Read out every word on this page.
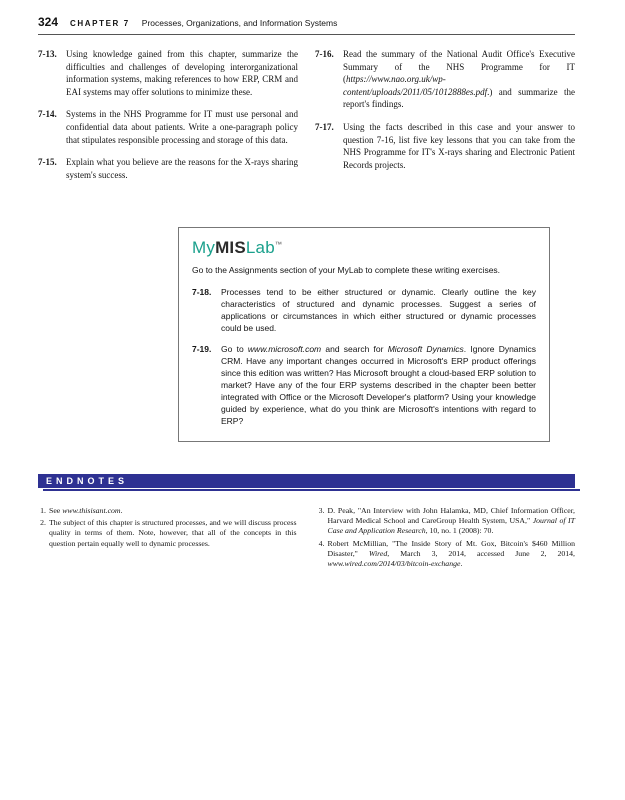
324 CHAPTER 7 Processes, Organizations, and Information Systems
7-13.	Using knowledge gained from this chapter, summarize the difficulties and challenges of developing interorganizational information systems, making references to how ERP, CRM and EAI systems may offer solutions to minimize these.
7-14.	Systems in the NHS Programme for IT must use personal and confidential data about patients. Write a one-paragraph policy that stipulates responsible processing and storage of this data.
7-15.	Explain what you believe are the reasons for the X-rays sharing system's success.
7-16.	Read the summary of the National Audit Office's Executive Summary of the NHS Programme for IT (https://www.nao.org.uk/wp-content/uploads/2011/05/1012888es.pdf.) and summarize the report's findings.
7-17.	Using the facts described in this case and your answer to question 7-16, list five key lessons that you can take from the NHS Programme for IT's X-rays sharing and Electronic Patient Records projects.
MyMISLab™

Go to the Assignments section of your MyLab to complete these writing exercises.

7-18.	Processes tend to be either structured or dynamic. Clearly outline the key characteristics of structured and dynamic processes. Suggest a series of applications or circumstances in which either structured or dynamic processes could be used.
7-19.	Go to www.microsoft.com and search for Microsoft Dynamics. Ignore Dynamics CRM. Have any important changes occurred in Microsoft's ERP product offerings since this edition was written? Has Microsoft brought a cloud-based ERP solution to market? Have any of the four ERP systems described in the chapter been better integrated with Office or the Microsoft Developer's platform? Using your knowledge guided by experience, what do you think are Microsoft's intentions with regard to ERP?
ENDNOTES
1. See www.thisisant.com.
2. The subject of this chapter is structured processes, and we will discuss process quality in terms of them. Note, however, that all of the concepts in this question pertain equally well to dynamic processes.
3. D. Peak, "An Interview with John Halamka, MD, Chief Information Officer, Harvard Medical School and CareGroup Health System, USA," Journal of IT Case and Application Research, 10, no. 1 (2008): 70.
4. Robert McMillian, "The Inside Story of Mt. Gox, Bitcoin's $460 Million Disaster," Wired, March 3, 2014, accessed June 2, 2014, www.wired.com/2014/03/bitcoin-exchange.
